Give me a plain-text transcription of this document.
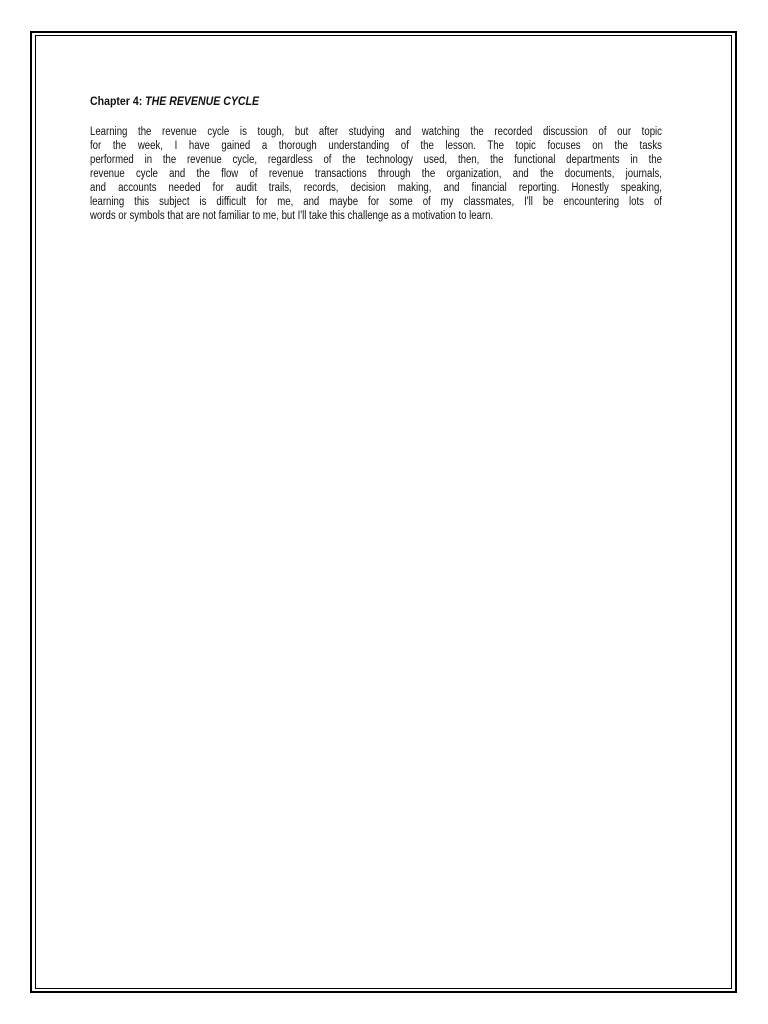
Chapter 4: THE REVENUE CYCLE
Learning the revenue cycle is tough, but after studying and watching the recorded discussion of our topic
for the week, I have gained a thorough understanding of the lesson. The topic focuses on the tasks
performed in the revenue cycle, regardless of the technology used, then, the functional departments in the
revenue cycle and the flow of revenue transactions through the organization, and the documents, journals,
and accounts needed for audit trails, records, decision making, and financial reporting. Honestly speaking,
learning this subject is difficult for me, and maybe for some of my classmates, I'll be encountering lots of
words or symbols that are not familiar to me, but I'll take this challenge as a motivation to learn.
